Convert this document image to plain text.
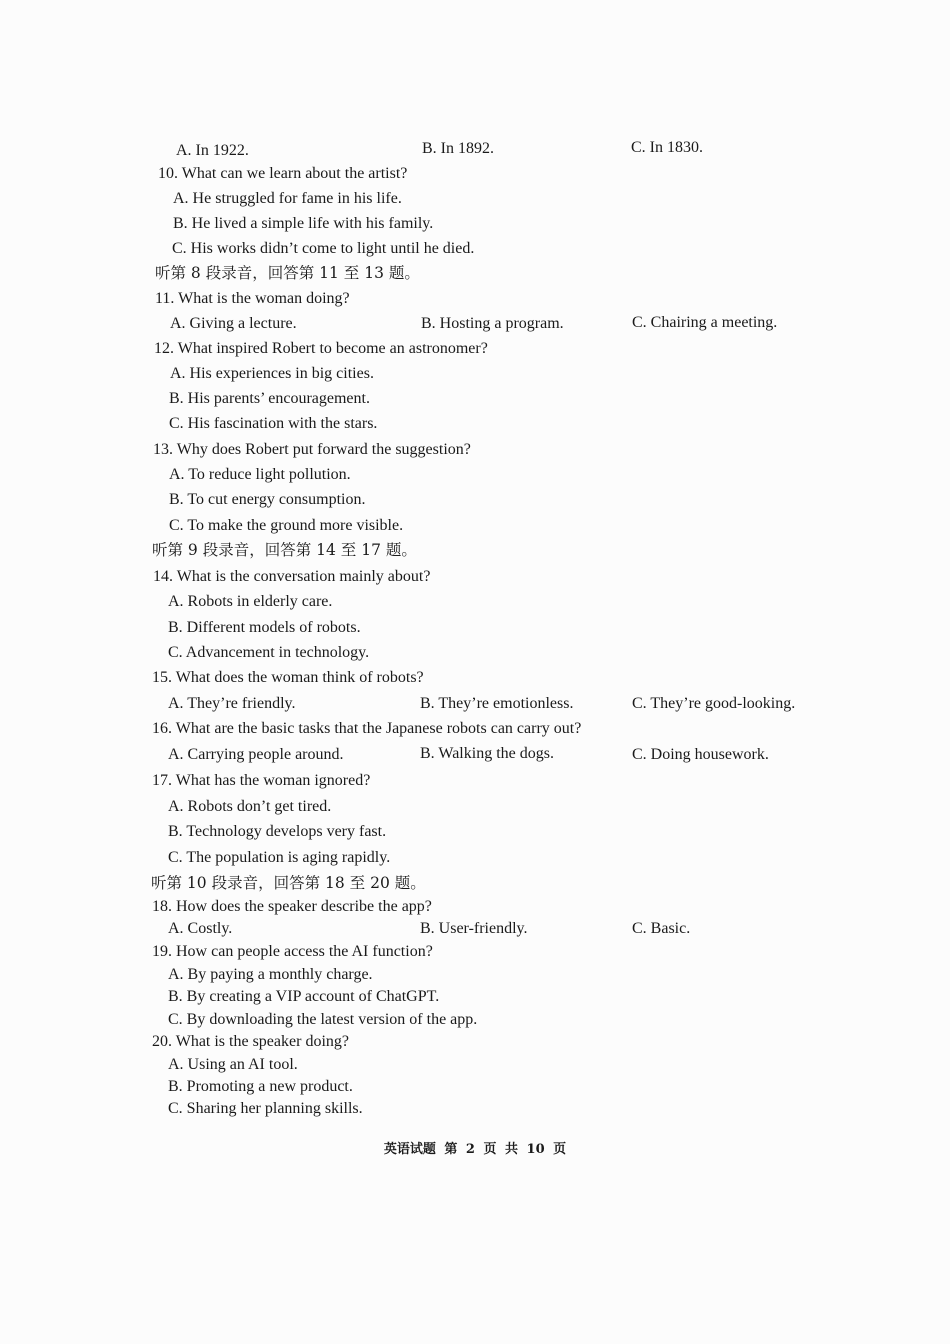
A. In 1922.	B. In 1892.	C. In 1830.
10. What can we learn about the artist?
A. He struggled for fame in his life.
B. He lived a simple life with his family.
C. His works didn’t come to light until he died.
听第 8 段录音，回答第 11 至 13 题。
11. What is the woman doing?
A. Giving a lecture.	B. Hosting a program.	C. Chairing a meeting.
12. What inspired Robert to become an astronomer?
A. His experiences in big cities.
B. His parents’ encouragement.
C. His fascination with the stars.
13. Why does Robert put forward the suggestion?
A. To reduce light pollution.
B. To cut energy consumption.
C. To make the ground more visible.
听第 9 段录音，回答第 14 至 17 题。
14. What is the conversation mainly about?
A. Robots in elderly care.
B. Different models of robots.
C. Advancement in technology.
15. What does the woman think of robots?
A. They’re friendly.	B. They’re emotionless.	C. They’re good-looking.
16. What are the basic tasks that the Japanese robots can carry out?
A. Carrying people around.	B. Walking the dogs.	C. Doing housework.
17. What has the woman ignored?
A. Robots don’t get tired.
B. Technology develops very fast.
C. The population is aging rapidly.
听第 10 段录音，回答第 18 至 20 题。
18. How does the speaker describe the app?
A. Costly.	B. User-friendly.	C. Basic.
19. How can people access the AI function?
A. By paying a monthly charge.
B. By creating a VIP account of ChatGPT.
C. By downloading the latest version of the app.
20. What is the speaker doing?
A. Using an AI tool.
B. Promoting a new product.
C. Sharing her planning skills.
英语试题 第 2 页 共 10 页
